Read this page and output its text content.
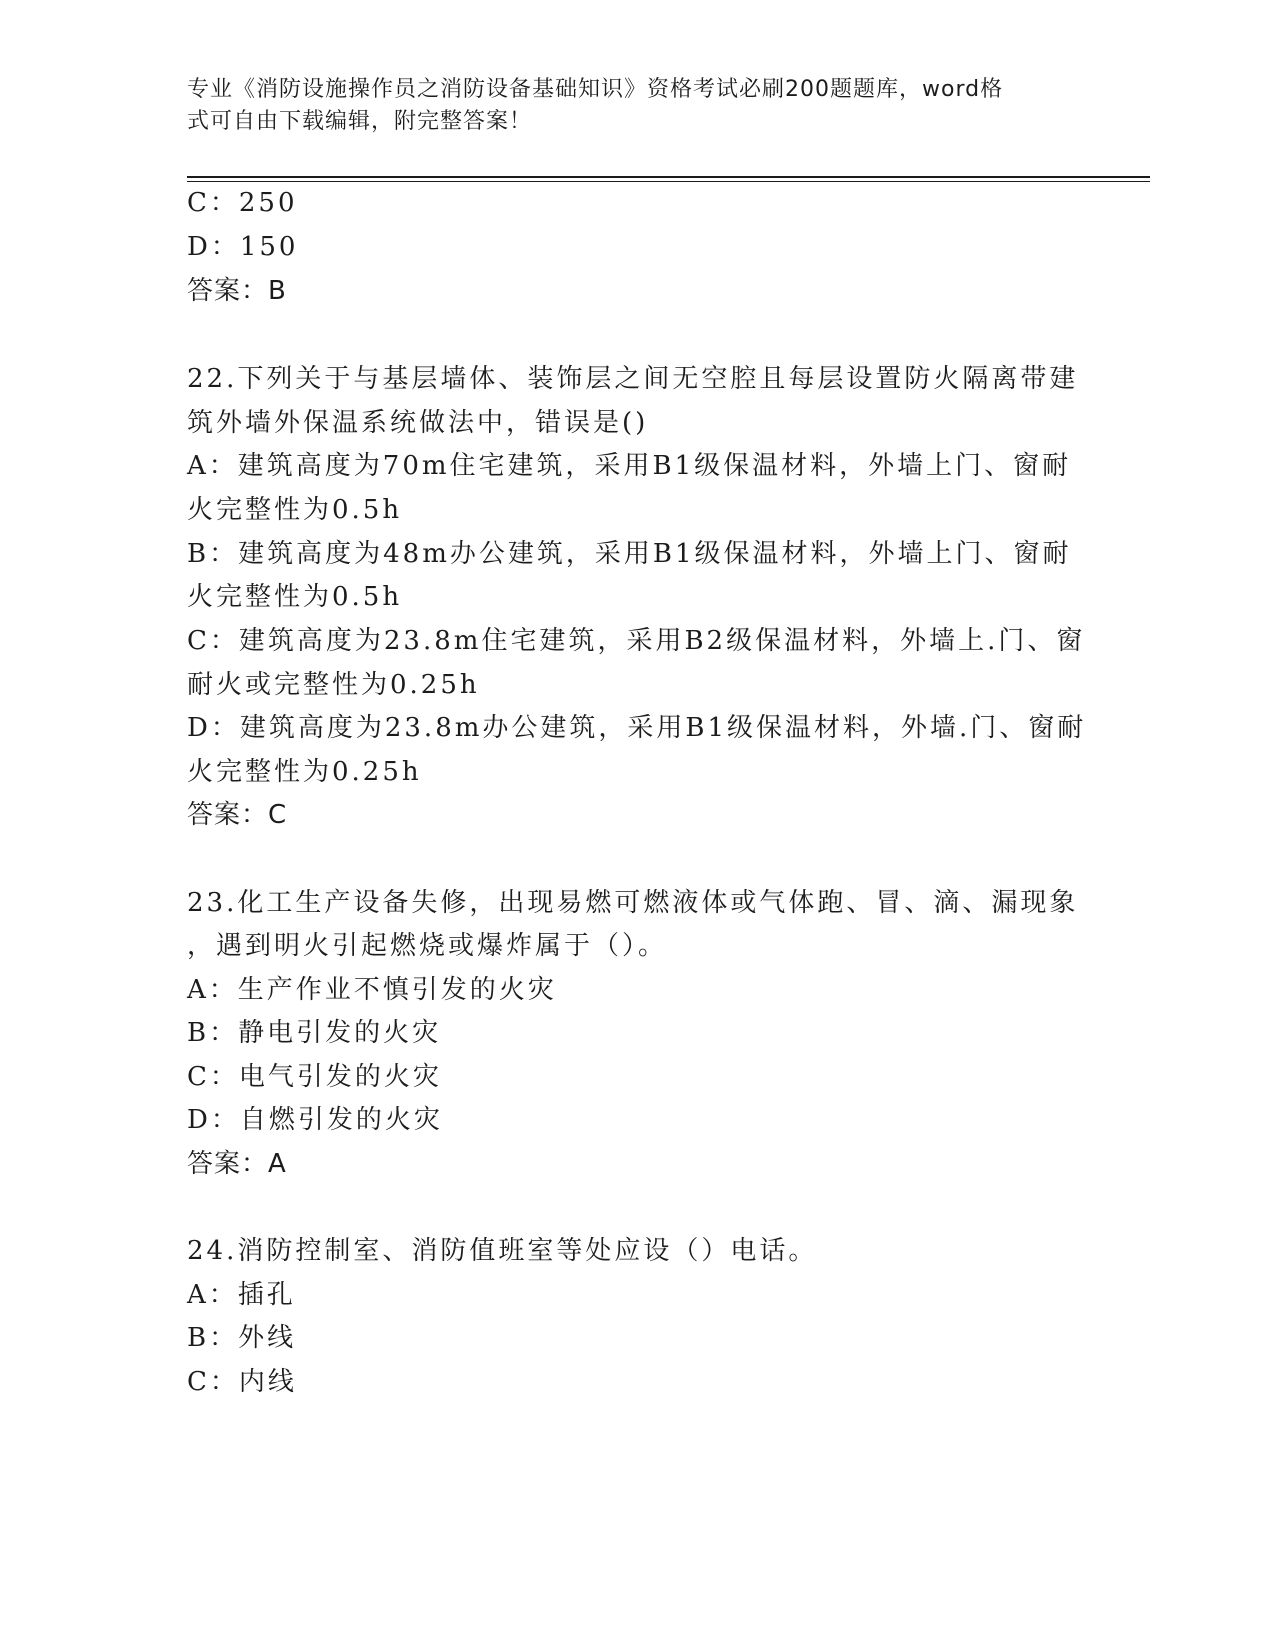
专业《消防设施操作员之消防设备基础知识》资格考试必刷200题题库，word格
式可自由下载编辑，附完整答案！
C：250
D：150
答案：B
22.下列关于与基层墙体、装饰层之间无空腔且每层设置防火隔离带建
筑外墙外保温系统做法中，错误是()
A：建筑高度为70m住宅建筑，采用B1级保温材料，外墙上门、窗耐
火完整性为0.5h
B：建筑高度为48m办公建筑，采用B1级保温材料，外墙上门、窗耐
火完整性为0.5h
C：建筑高度为23.8m住宅建筑，采用B2级保温材料，外墙上.门、窗
耐火或完整性为0.25h
D：建筑高度为23.8m办公建筑，采用B1级保温材料，外墙.门、窗耐
火完整性为0.25h
答案：C
23.化工生产设备失修，出现易燃可燃液体或气体跑、冒、滴、漏现象
，遇到明火引起燃烧或爆炸属于（）。
A：生产作业不慎引发的火灾
B：静电引发的火灾
C：电气引发的火灾
D：自燃引发的火灾
答案：A
24.消防控制室、消防值班室等处应设（）电话。
A：插孔
B：外线
C：内线
